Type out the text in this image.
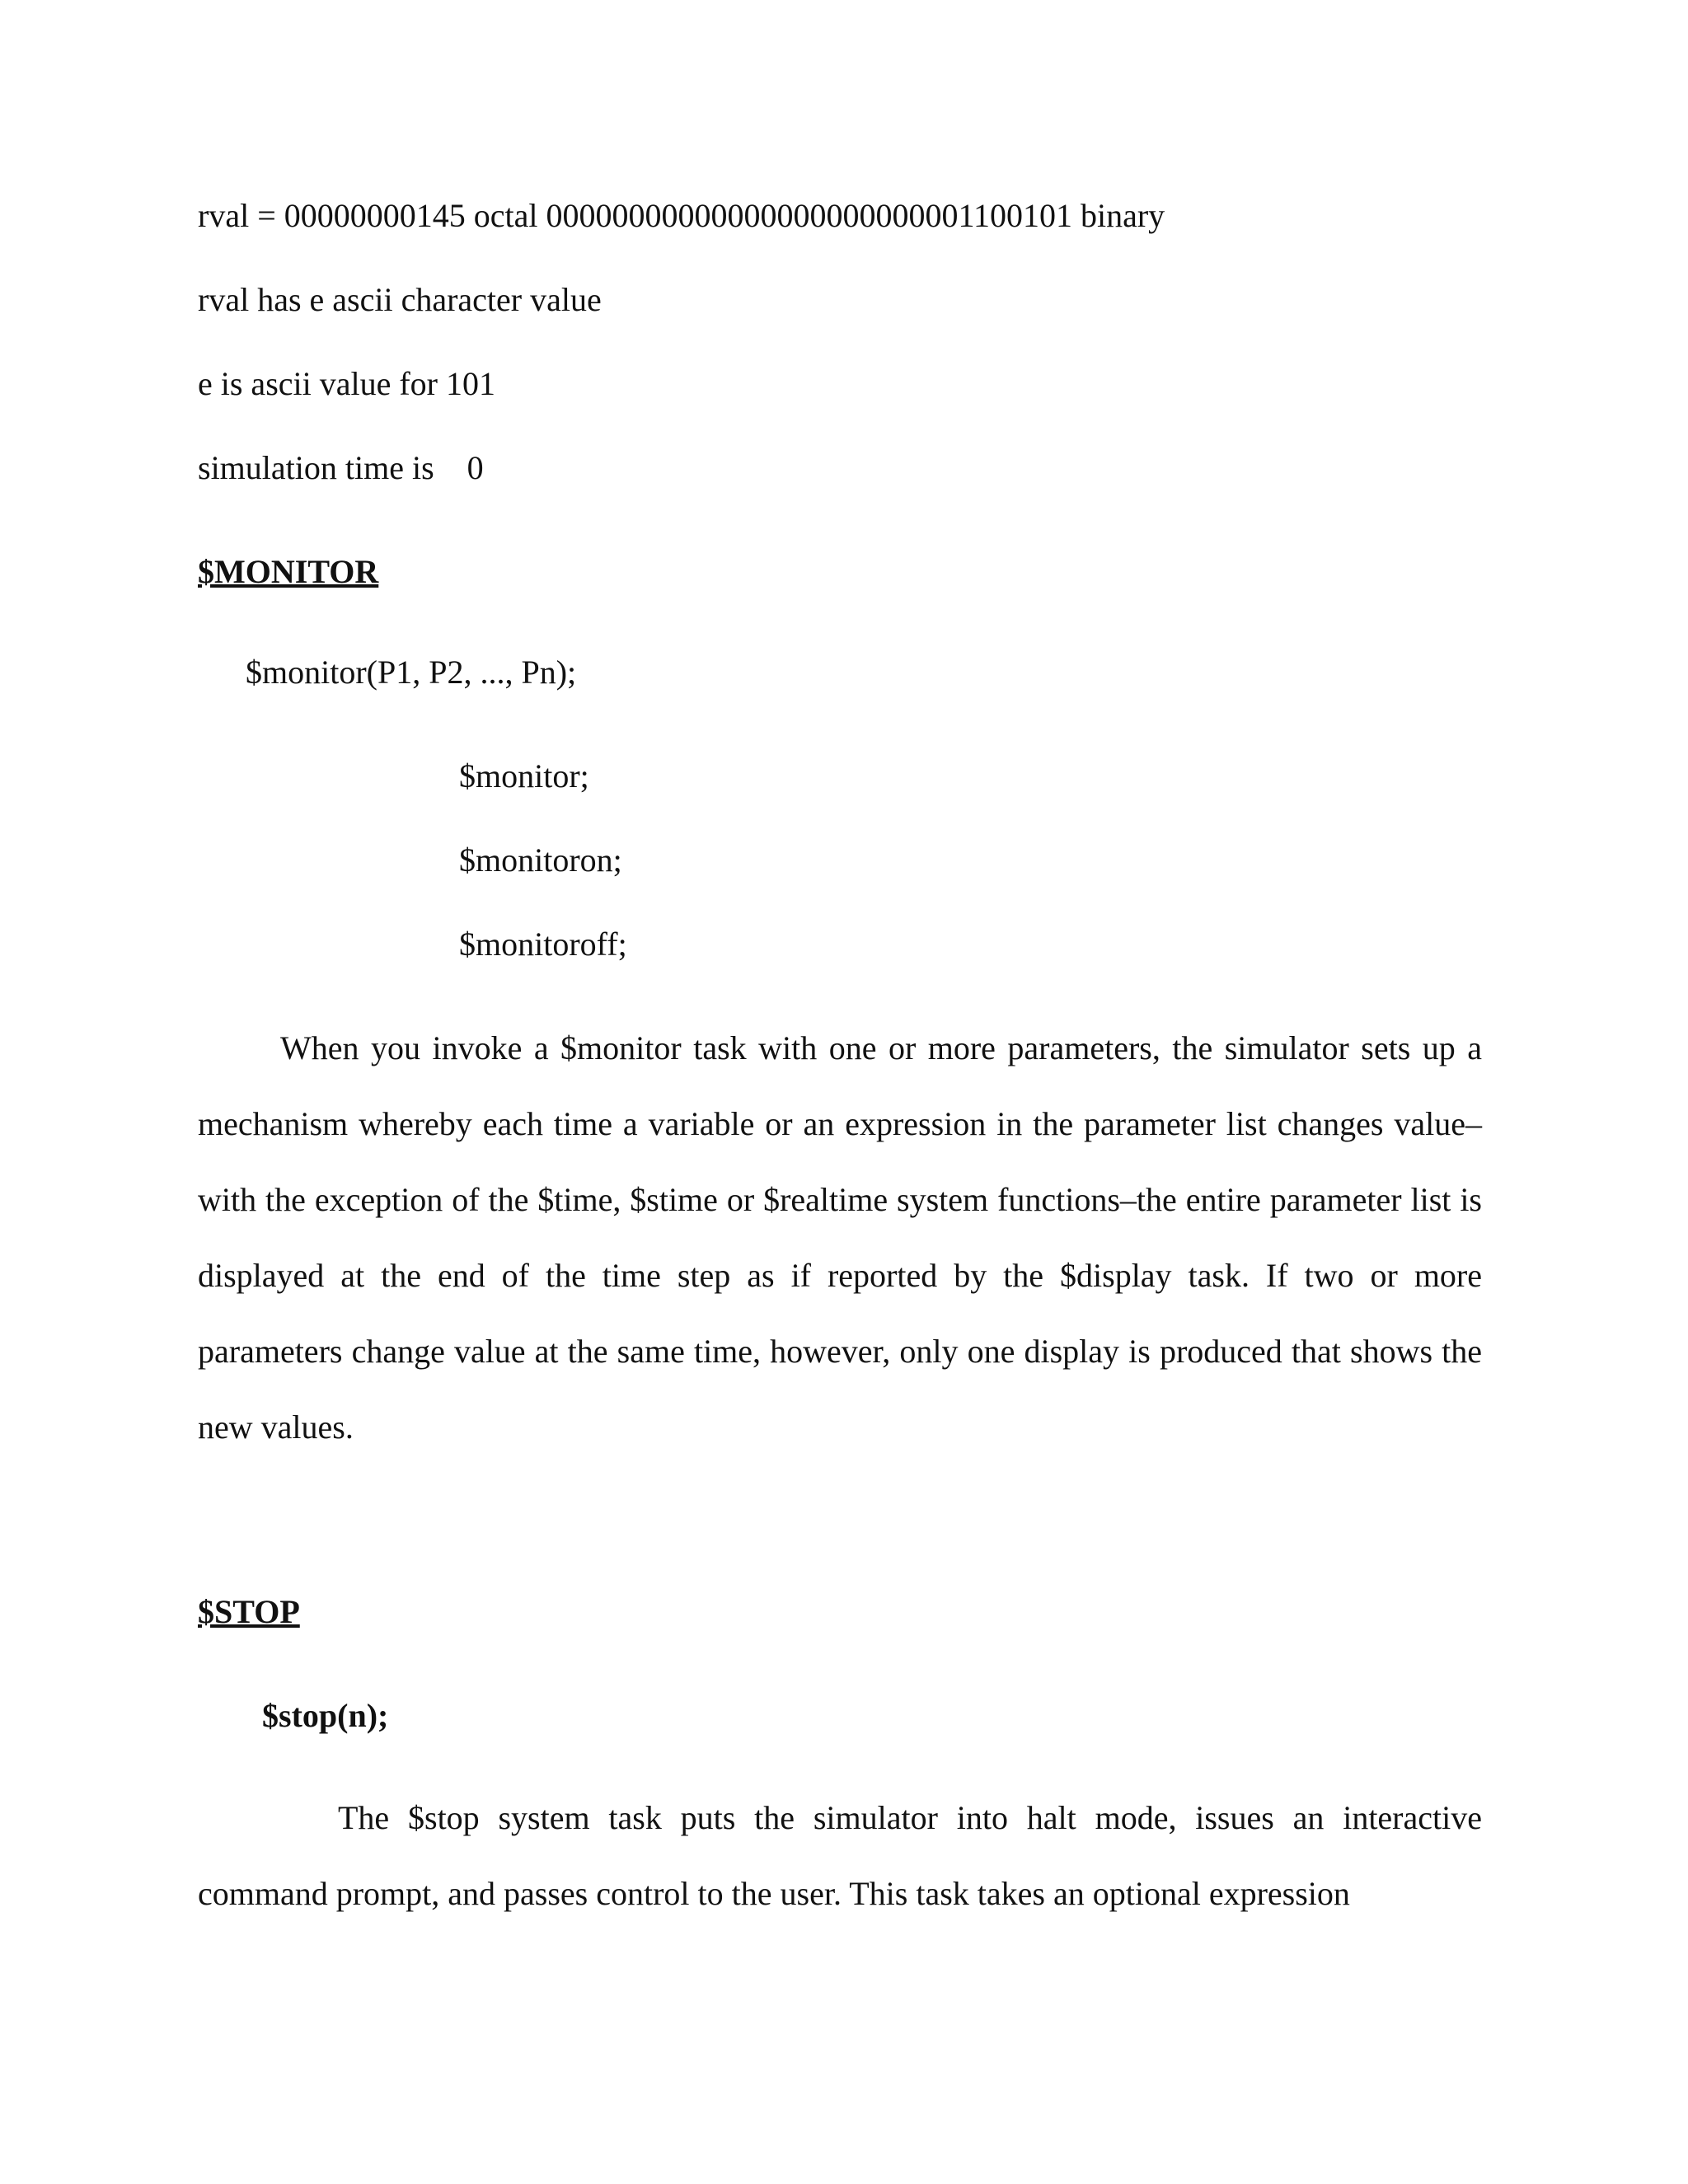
rval = 00000000145 octal 00000000000000000000000001100101 binary
rval has e ascii character value
e is ascii value for 101
simulation time is    0
$MONITOR
$monitor(P1, P2, ..., Pn);
$monitor;
$monitoron;
$monitoroff;
When you invoke a $monitor task with one or more parameters, the simulator sets up a mechanism whereby each time a variable or an expression in the parameter list changes value–with the exception of the $time, $stime or $realtime system functions–the entire parameter list is displayed at the end of the time step as if reported by the $display task. If two or more parameters change value at the same time, however, only one display is produced that shows the new values.
$STOP
$stop(n);
The $stop system task puts the simulator into halt mode, issues an interactive command prompt, and passes control to the user. This task takes an optional expression
